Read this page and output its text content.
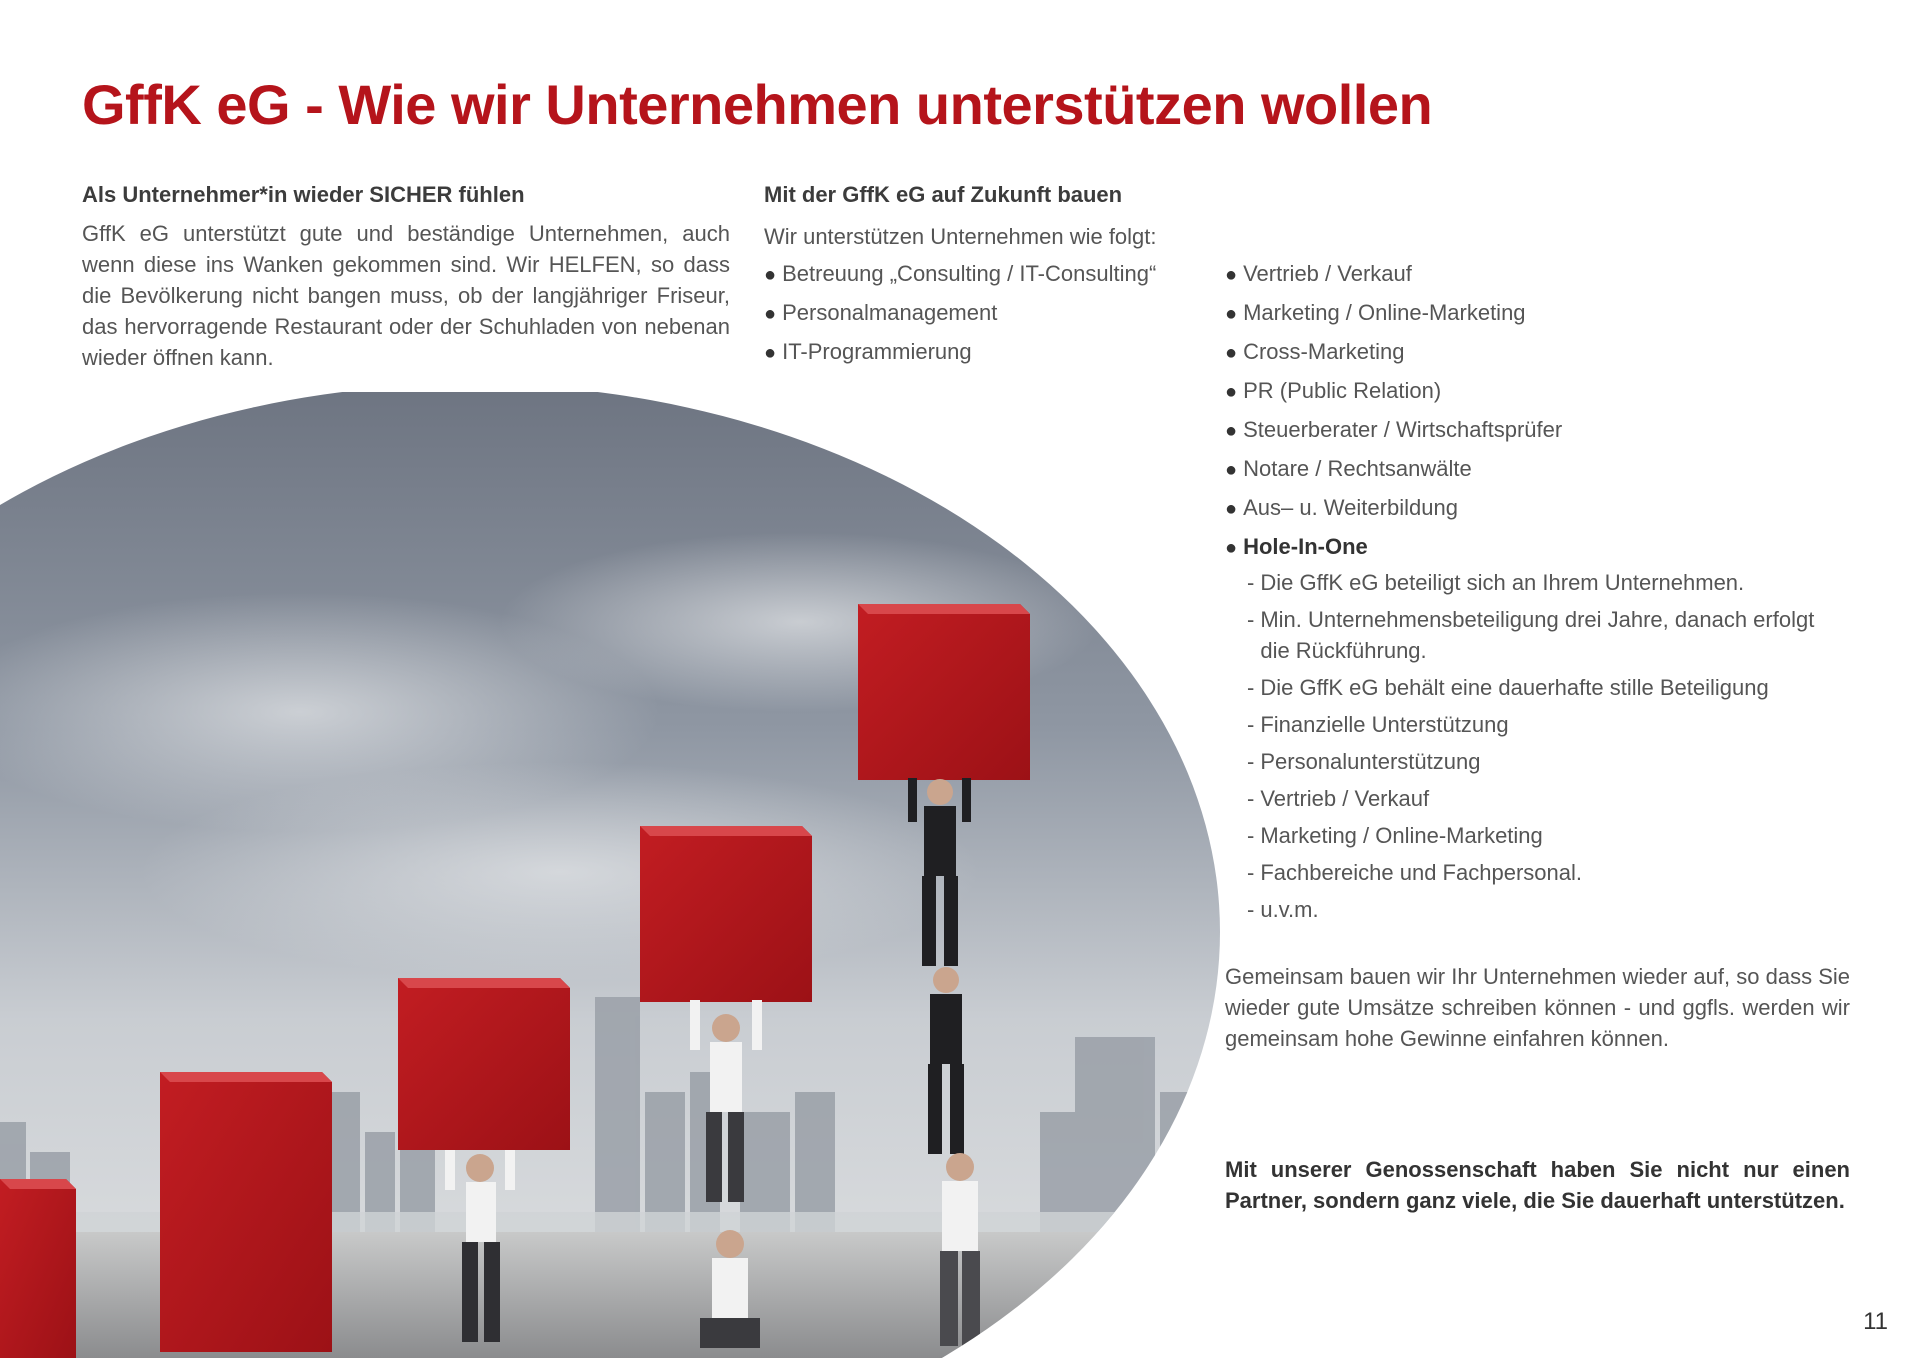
GffK eG - Wie wir Unternehmen unterstützen wollen
Als Unternehmer*in wieder SICHER fühlen

GffK eG unterstützt gute und beständige Unternehmen, auch wenn diese ins Wanken gekommen sind. Wir HELFEN, so dass die Bevölkerung nicht bangen muss, ob der langjähriger Friseur, das hervorragende Restaurant oder der Schuhladen von nebenan wieder öffnen kann.

Mit der GffK eG auf Zukunft bauen
Wir unterstützen Unternehmen wie folgt:
● Betreuung „Consulting / IT-Consulting“
● Personalmanagement
● IT-Programmierung
● Vertrieb / Verkauf
● Marketing / Online-Marketing
● Cross-Marketing
● PR (Public Relation)
● Steuerberater / Wirtschaftsprüfer
● Notare / Rechtsanwälte
● Aus– u. Weiterbildung
● Hole-In-One
- Die GffK eG beteiligt sich an Ihrem Unternehmen.
- Min. Unternehmensbeteiligung drei Jahre, danach erfolgt die Rückführung.
- Die GffK eG behält eine dauerhafte stille Beteiligung
- Finanzielle Unterstützung
- Personalunterstützung
- Vertrieb / Verkauf
- Marketing / Online-Marketing
- Fachbereiche und Fachpersonal.
- u.v.m.

Gemeinsam bauen wir Ihr Unternehmen wieder auf, so dass Sie wieder gute Umsätze schreiben können - und ggfls. werden wir gemeinsam hohe Gewinne einfahren können.

Mit unserer Genossenschaft haben Sie nicht nur einen Partner, sondern ganz viele, die Sie dauerhaft unterstützen.

11
